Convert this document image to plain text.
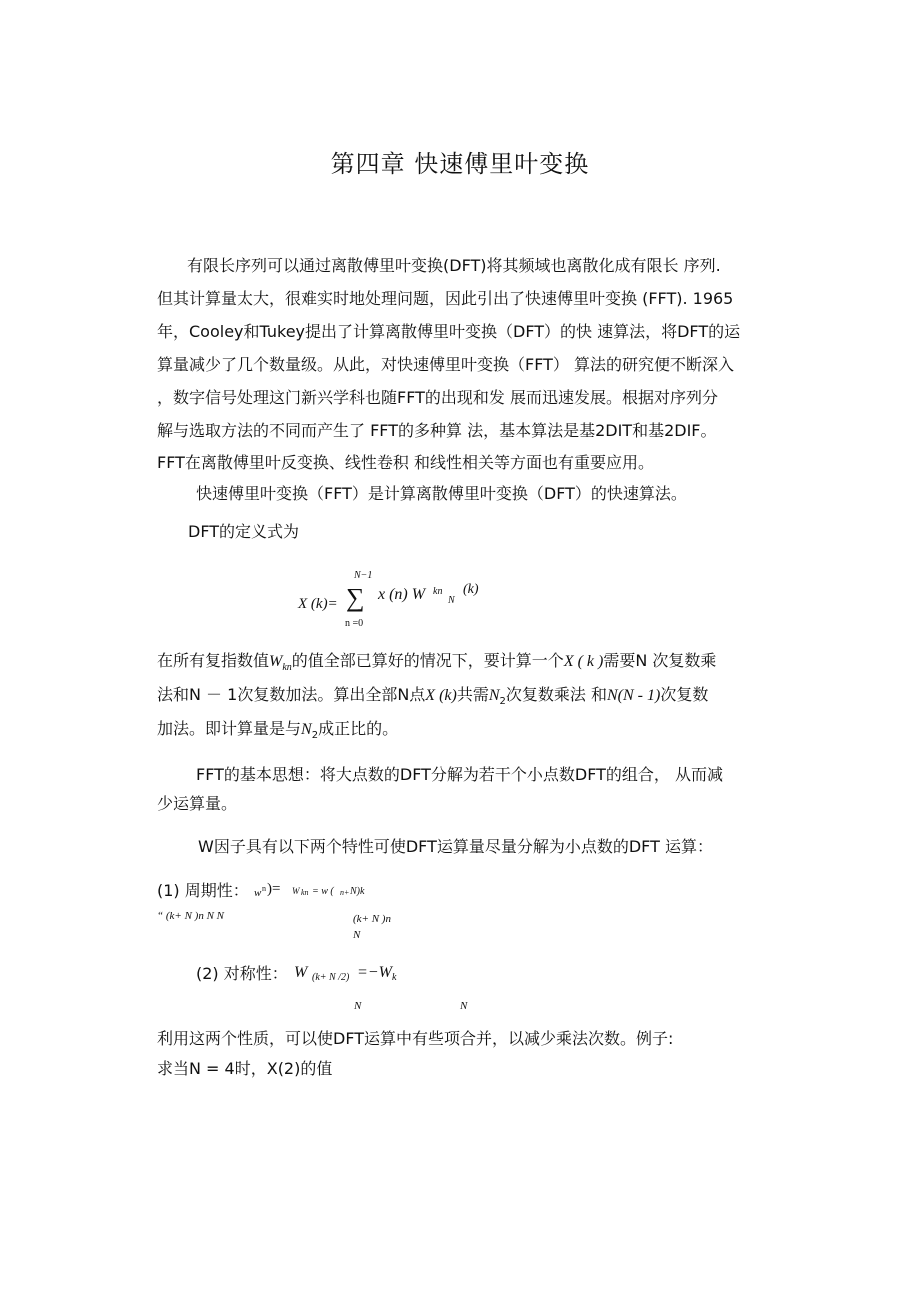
第四章 快速傅里叶变换
有限长序列可以通过离散傅里叶变换(DFT)将其频域也离散化成有限长 序列.
但其计算量太大，很难实时地处理问题，因此引出了快速傅里叶变换 (FFT). 1965
年，Cooley和Tukey提出了计算离散傅里叶变换（DFT）的快 速算法，将DFT的运
算量减少了几个数量级。从此，对快速傅里叶变换（FFT） 算法的研究便不断深入
，数字信号处理这门新兴学科也随FFT的出现和发 展而迅速发展。根据对序列分
解与选取方法的不同而产生了 FFT的多种算 法，基本算法是基2DIT和基2DIF。
FFT在离散傅里叶反变换、线性卷积 和线性相关等方面也有重要应用。
快速傅里叶变换（FFT）是计算离散傅里叶变换（DFT）的快速算法。
DFT的定义式为
N−1
X (k)= ∑ x (n) W kn
N
(k)
n =0
在所有复指数值$W_{kn}$的值全部已算好的情况下，要计算一个X ( k )需要N 次复数乘
法和N － 1次复数加法。算出全部N点X (k)共需$N_2$次复数乘法 和N(N - 1)次复数
加法。即计算量是与$N_2$成正比的。
FFT的基本思想：将大点数的DFT分解为若干个小点数DFT的组合， 从而减
少运算量。
W因子具有以下两个特性可使DFT运算量尽量分解为小点数的DFT 运算：
(1) 周期性： w n )= W kn = w ( n+ N)k
“ (k+ N )n N N	(k+ N )n
N
(2) 对称性： W (k+ N /2) =−W k
N	N
利用这两个性质，可以使DFT运算中有些项合并，以减少乘法次数。例子:
求当N = 4时，X(2)的值
